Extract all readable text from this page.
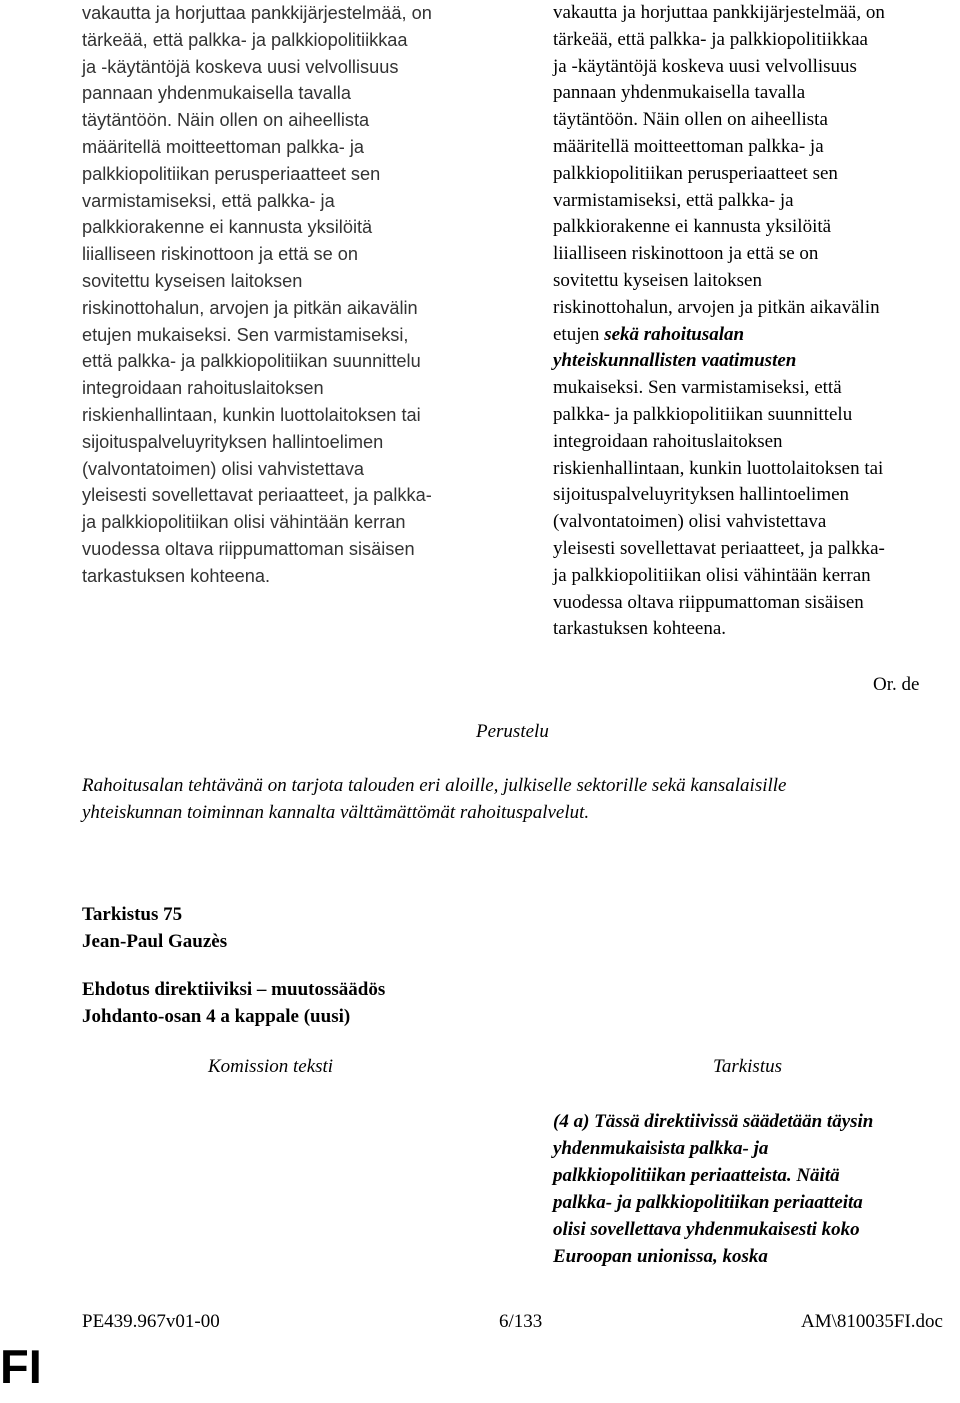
vakautta ja horjuttaa pankkijärjestelmää, on
tärkeää, että palkka- ja palkkiopolitiikkaa
ja -käytäntöjä koskeva uusi velvollisuus
pannaan yhdenmukaisella tavalla
täytäntöön. Näin ollen on aiheellista
määritellä moitteettoman palkka- ja
palkkiopolitiikan perusperiaatteet sen
varmistamiseksi, että palkka- ja
palkkiorakenne ei kannusta yksilöitä
liialliseen riskinottoon ja että se on
sovitettu kyseisen laitoksen
riskinottohalun, arvojen ja pitkän aikavälin
etujen mukaiseksi. Sen varmistamiseksi,
että palkka- ja palkkiopolitiikan suunnittelu
integroidaan rahoituslaitoksen
riskienhallintaan, kunkin luottolaitoksen tai
sijoituspalveluyrityksen hallintoelimen
(valvontatoimen) olisi vahvistettava
yleisesti sovellettavat periaatteet, ja palkka-
ja palkkiopolitiikan olisi vähintään kerran
vuodessa oltava riippumattoman sisäisen
tarkastuksen kohteena.
vakautta ja horjuttaa pankkijärjestelmää, on
tärkeää, että palkka- ja palkkiopolitiikkaa
ja -käytäntöjä koskeva uusi velvollisuus
pannaan yhdenmukaisella tavalla
täytäntöön. Näin ollen on aiheellista
määritellä moitteettoman palkka- ja
palkkiopolitiikan perusperiaatteet sen
varmistamiseksi, että palkka- ja
palkkiorakenne ei kannusta yksilöitä
liialliseen riskinottoon ja että se on
sovitettu kyseisen laitoksen
riskinottohalun, arvojen ja pitkän aikavälin
etujen sekä rahoitusalan
yhteiskunnallisten vaatimusten
mukaiseksi. Sen varmistamiseksi, että
palkka- ja palkkiopolitiikan suunnittelu
integroidaan rahoituslaitoksen
riskienhallintaan, kunkin luottolaitoksen tai
sijoituspalveluyrityksen hallintoelimen
(valvontatoimen) olisi vahvistettava
yleisesti sovellettavat periaatteet, ja palkka-
ja palkkiopolitiikan olisi vähintään kerran
vuodessa oltava riippumattoman sisäisen
tarkastuksen kohteena.
Or. de
Perustelu
Rahoitusalan tehtävänä on tarjota talouden eri aloille, julkiselle sektorille sekä kansalaisille
yhteiskunnan toiminnan kannalta välttämättömät rahoituspalvelut.
Tarkistus 75
Jean-Paul Gauzès
Ehdotus direktiiviksi – muutossäädös
Johdanto-osan 4 a kappale (uusi)
Komission teksti	Tarkistus
(4 a) Tässä direktiivissä säädetään täysin
yhdenmukaisista palkka- ja
palkkiopolitiikan periaatteista. Näitä
palkka- ja palkkiopolitiikan periaatteita
olisi sovellettava yhdenmukaisesti koko
Euroopan unionissa, koska
PE439.967v01-00	6/133	AM\810035FI.doc
FI
